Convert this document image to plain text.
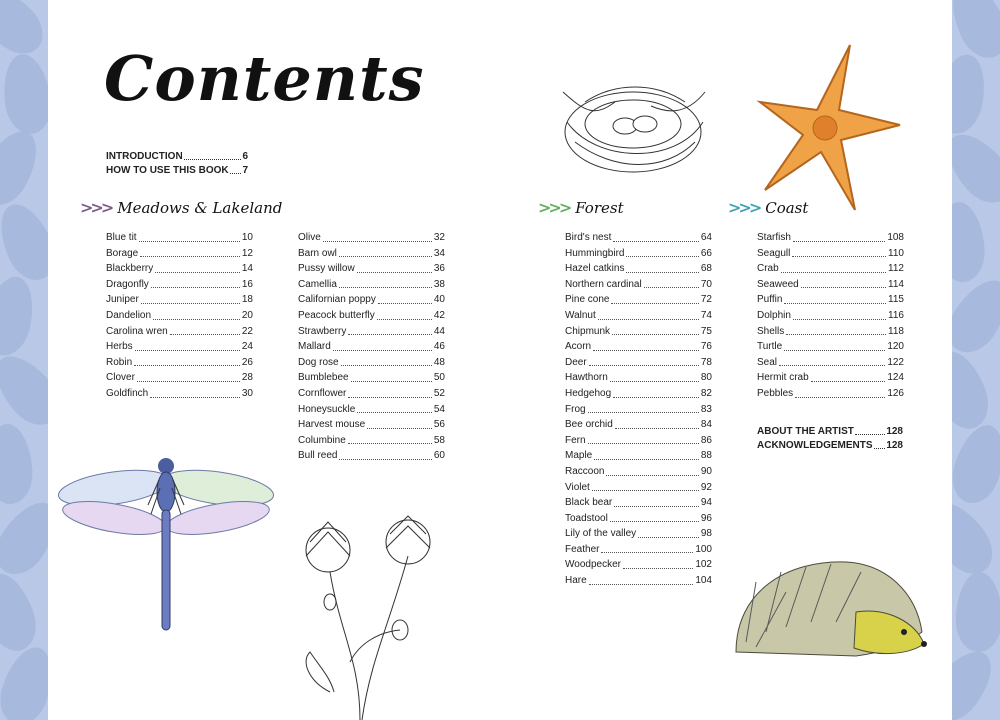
Contents
INTRODUCTION	6
HOW TO USE THIS BOOK 7
>>> Meadows & Lakeland
Blue tit	10
Borage	12
Blackberry	14
Dragonfly	16
Juniper	18
Dandelion	20
Carolina wren	22
Herbs	24
Robin	26
Clover	28
Goldfinch	30
Olive	32
Barn owl	34
Pussy willow	36
Camellia	38
Californian poppy	40
Peacock butterfly	42
Strawberry	44
Mallard	46
Dog rose	48
Bumblebee	50
Cornflower	52
Honeysuckle	54
Harvest mouse	56
Columbine	58
Bull reed	60
>>> Forest
Bird's nest	64
Hummingbird	66
Hazel catkins	68
Northern cardinal	70
Pine cone	72
Walnut	74
Chipmunk	75
Acorn	76
Deer	78
Hawthorn	80
Hedgehog	82
Frog	83
Bee orchid	84
Fern	86
Maple	88
Raccoon	90
Violet	92
Black bear	94
Toadstool	96
Lily of the valley	98
Feather	100
Woodpecker	102
Hare	104
>>> Coast
Starfish	108
Seagull	110
Crab	112
Seaweed	114
Puffin	115
Dolphin	116
Shells	118
Turtle	120
Seal	122
Hermit crab	124
Pebbles	126
ABOUT THE ARTIST	128
ACKNOWLEDGEMENTS 128
